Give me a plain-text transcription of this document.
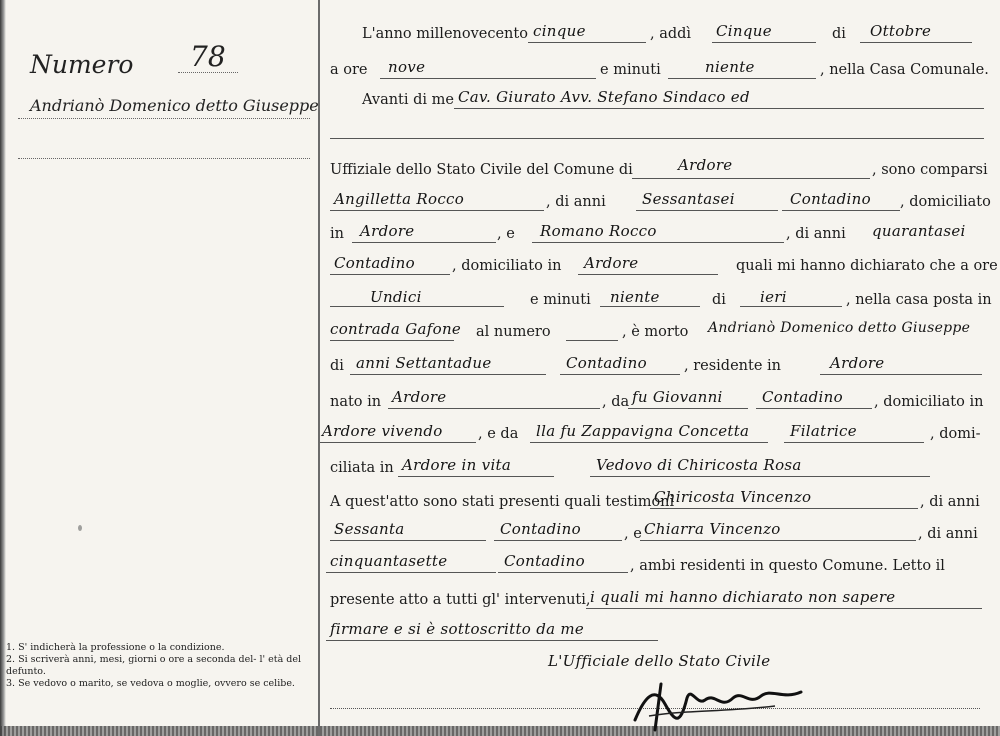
Numero 78
Andrianò Domenico detto Giuseppe
1. S' indicherà la professione o la condizione.
2. Si scriverà anni, mesi, giorni o ore a seconda del- l' età del defunto.
3. Se vedovo o marito, se vedova o moglie, ovvero se celibe.
L'anno millenovecento cinque	, addì Cinque	di Ottobre
a ore nove	e minuti	niente	, nella Casa Comunale.
Avanti di me Cav. Giurato Avv. Stefano Sindaco ed
Uffiziale dello Stato Civile del Comune di	Ardore	, sono comparsi
Angilletta Rocco	, di anni Sessantasei	Contadino , domiciliato
in Ardore	, e Romano Rocco	, di anni quarantasei
Contadino	, domiciliato in Ardore	quali mi hanno dichiarato che a ore
Undici	e minuti niente	di ieri	, nella casa posta in
contrada Gafone al numero	, è morto Andrianò Domenico detto Giuseppe
di anni Settantadue	Contadino	, residente in	Ardore
nato in Ardore	, da fu Giovanni	Contadino , domiciliato in
Ardore vivendo , e da lla fu Zappavigna Concetta	Filatrice	, domi-
ciliata in Ardore in vita	Vedovo di Chiricosta Rosa
A quest'atto sono stati presenti quali testimoni
Chiricosta Vincenzo	, di anni
Sessanta	Contadino	, e Chiarra Vincenzo	, di anni
cinquantasette	Contadino	, ambi residenti in questo Comune. Letto il
presente atto a tutti gl' intervenuti, i quali mi hanno dichiarato non sapere
firmare e si è sottoscritto da me
L'Ufficiale dello Stato Civile
